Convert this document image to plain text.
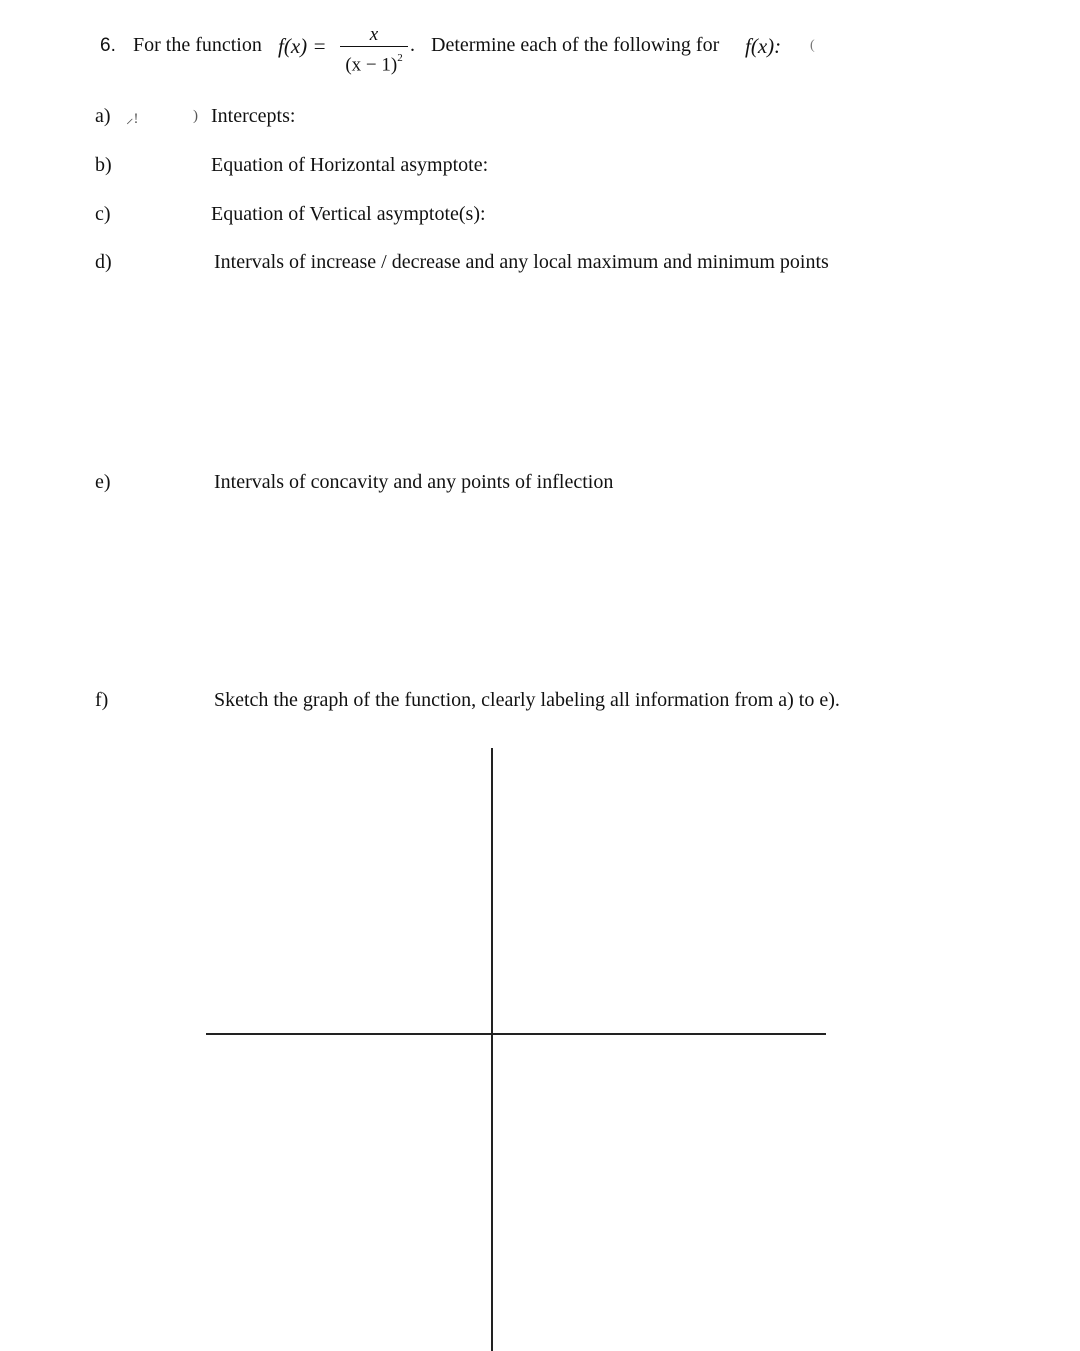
6. For the function f(x) =	x
$(x - 1)^2$
. Determine each of the following for f(x): (
a) ⸝ǃ	) Intercepts:
b)	Equation of Horizontal asymptote:
c)	Equation of Vertical asymptote(s):
d)	Intervals of increase / decrease and any local maximum and minimum points
e)	Intervals of concavity and any points of inflection
f)	Sketch the graph of the function, clearly labeling all information from a) to e).
